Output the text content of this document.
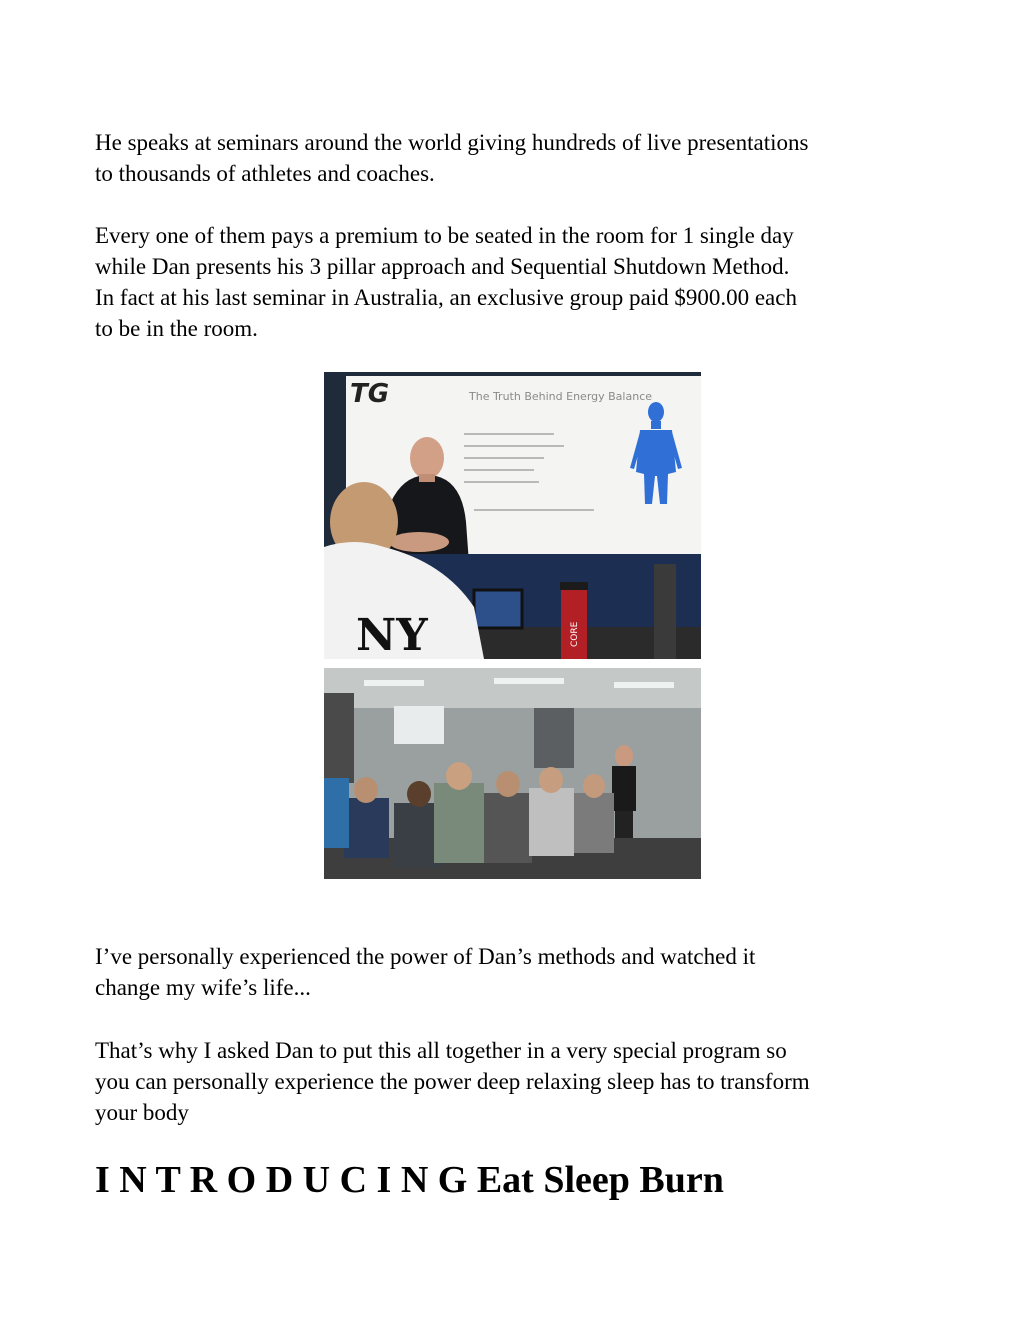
He speaks at seminars around the world giving hundreds of live presentations
to thousands of athletes and coaches.
Every one of them pays a premium to be seated in the room for 1 single day
while Dan presents his 3 pillar approach and Sequential Shutdown Method.
In fact at his last seminar in Australia, an exclusive group paid $900.00 each
to be in the room.
TG	The Truth Behind Energy Balance
CORE
NY
I’ve personally experienced the power of Dan’s methods and watched it
change my wife’s life...
That’s why I asked Dan to put this all together in a very special program so
you can personally experience the power deep relaxing sleep has to transform
your body
I N T R O D U C I N G Eat Sleep Burn
